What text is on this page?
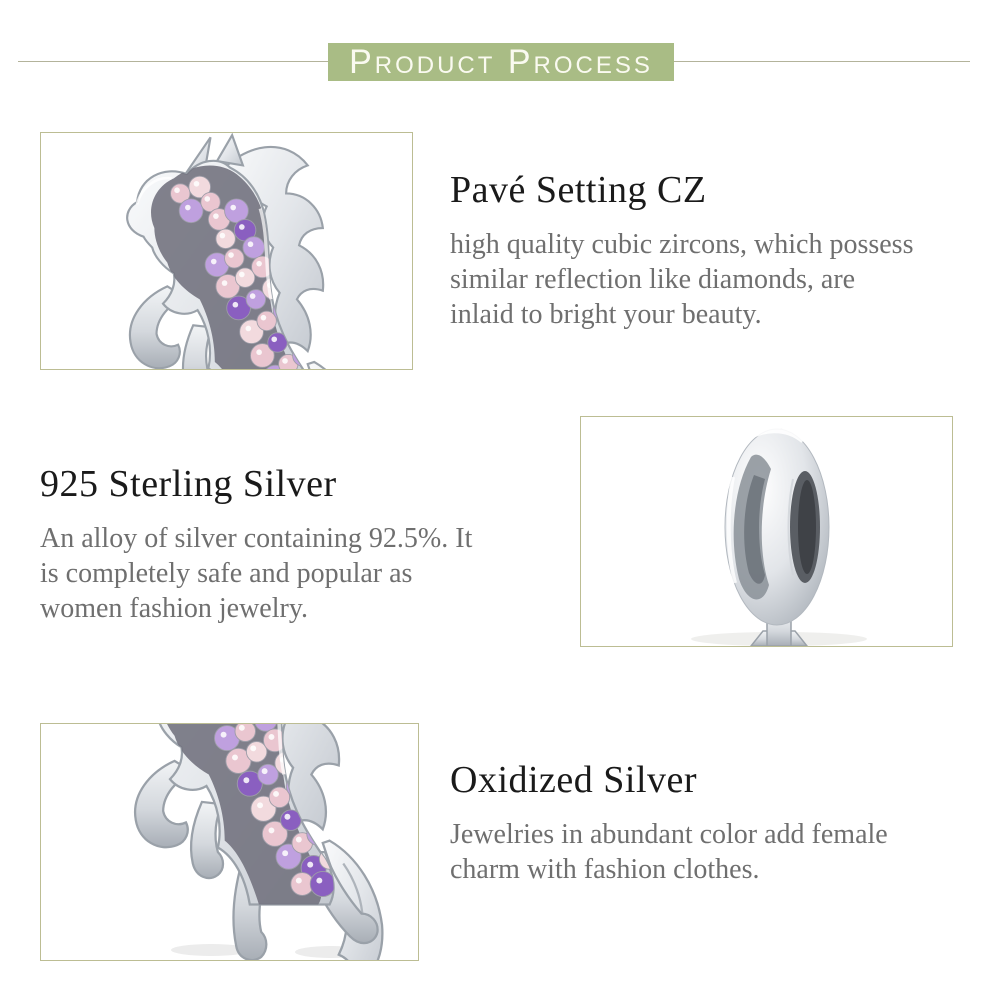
Product Process
Pavé Setting CZ
high quality cubic zircons, which possess
similar reflection like diamonds, are
inlaid to bright your beauty.
925 Sterling Silver
An alloy of silver containing 92.5%. It
is completely safe and popular as
women fashion jewelry.
Oxidized Silver
Jewelries in abundant color add female
charm with fashion clothes.
